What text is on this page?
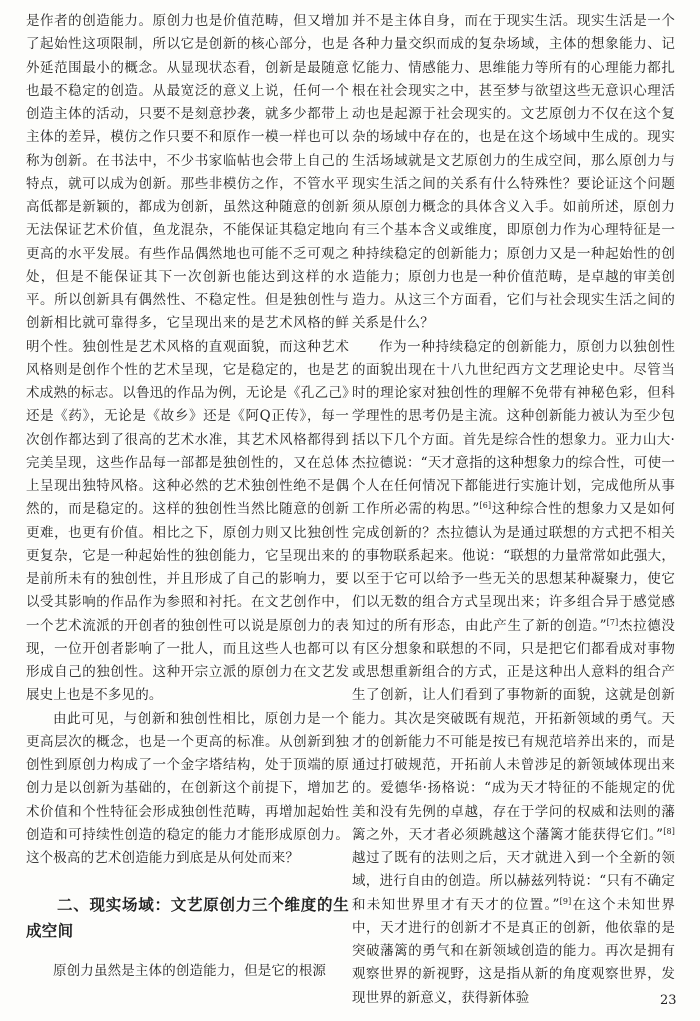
是作者的创造能力。原创力也是价值范畴，但又增加了起始性这项限制，所以它是创新的核心部分，也是外延范围最小的概念。从显现状态看，创新是最随意也最不稳定的创造。从最宽泛的意义上说，任何一个创造主体的活动，只要不是刻意抄袭，就多少都带上主体的差异，模仿之作只要不和原作一模一样也可以称为创新。在书法中，不少书家临帖也会带上自己的特点，就可以成为创新。那些非模仿之作，不管水平高低都是新颖的，都成为创新，虽然这种随意的创新无法保证艺术价值，鱼龙混杂，不能保证其稳定地向更高的水平发展。有些作品偶然地也可能不乏可观之处，但是不能保证其下一次创新也能达到这样的水平。所以创新具有偶然性、不稳定性。但是独创性与创新相比就可靠得多，它呈现出来的是艺术风格的鲜明个性。独创性是艺术风格的直观面貌，而这种艺术风格则是创作个性的艺术呈现，它是稳定的，也是艺术成熟的标志。以鲁迅的作品为例，无论是《孔乙己》还是《药》，无论是《故乡》还是《阿Q正传》，每一次创作都达到了很高的艺术水准，其艺术风格都得到完美呈现，这些作品每一部都是独创性的，又在总体上呈现出独特风格。这种必然的艺术独创性绝不是偶然的，而是稳定的。这样的独创性当然比随意的创新更难，也更有价值。相比之下，原创力则又比独创性更复杂，它是一种起始性的独创能力，它呈现出来的是前所未有的独创性，并且形成了自己的影响力，要以受其影响的作品作为参照和衬托。在文艺创作中，一个艺术流派的开创者的独创性可以说是原创力的表现，一位开创者影响了一批人，而且这些人也都可以形成自己的独创性。这种开宗立派的原创力在文艺发展史上也是不多见的。

由此可见，与创新和独创性相比，原创力是一个更高层次的概念，也是一个更高的标准。从创新到独创性到原创力构成了一个金字塔结构，处于顶端的原创力是以创新为基础的，在创新这个前提下，增加艺术价值和个性特征会形成独创性范畴，再增加起始性创造和可持续性创造的稳定的能力才能形成原创力。这个极高的艺术创造能力到底是从何处而来？

二、现实场域：文艺原创力三个维度的生成空间

原创力虽然是主体的创造能力，但是它的根源

并不是主体自身，而在于现实生活。现实生活是一个各种力量交织而成的复杂场域，主体的想象能力、记忆能力、情感能力、思维能力等所有的心理能力都扎根在社会现实之中，甚至梦与欲望这些无意识心理活动也是起源于社会现实的。文艺原创力不仅在这个复杂的场域中存在的，也是在这个场域中生成的。现实生活场域就是文艺原创力的生成空间，那么原创力与现实生活之间的关系有什么特殊性？要论证这个问题须从原创力概念的具体含义入手。如前所述，原创力有三个基本含义或维度，即原创力作为心理特征是一种持续稳定的创新能力；原创力又是一种起始性的创造能力；原创力也是一种价值范畴，是卓越的审美创造力。从这三个方面看，它们与社会现实生活之间的关系是什么？

作为一种持续稳定的创新能力，原创力以独创性的面貌出现在十八九世纪西方文艺理论史中。尽管当时的理论家对独创性的理解不免带有神秘色彩，但科学理性的思考仍是主流。这种创新能力被认为至少包括以下几个方面。首先是综合性的想象力。亚力山大·杰拉德说：“天才意指的这种想象力的综合性，可使一个人在任何情况下都能进行实施计划，完成他所从事工作所必需的构思。”[6]这种综合性的想象力又是如何完成创新的？杰拉德认为是通过联想的方式把不相关的事物联系起来。他说：“联想的力量常常如此强大，以至于它可以给予一些无关的思想某种凝聚力，使它们以无数的组合方式呈现出来；许多组合异于感觉感知过的所有形态，由此产生了新的创造。”[7]杰拉德没有区分想象和联想的不同，只是把它们都看成对事物或思想重新组合的方式，正是这种出人意料的组合产生了创新，让人们看到了事物新的面貌，这就是创新能力。其次是突破既有规范，开拓新领域的勇气。天才的创新能力不可能是按已有规范培养出来的，而是通过打破规范，开拓前人未曾涉足的新领域体现出来的。爱德华·扬格说：“成为天才特征的不能规定的优美和没有先例的卓越，存在于学问的权威和法则的藩篱之外，天才者必须跳越这个藩篱才能获得它们。”[8]越过了既有的法则之后，天才就进入到一个全新的领域，进行自由的创造。所以赫兹列特说：“只有不确定和未知世界里才有天才的位置。”[9]在这个未知世界中，天才进行的创新才不是真正的创新，他依靠的是突破藩篱的勇气和在新领域创造的能力。再次是拥有观察世界的新视野，这是指从新的角度观察世界，发现世界的新意义，获得新体验	23
